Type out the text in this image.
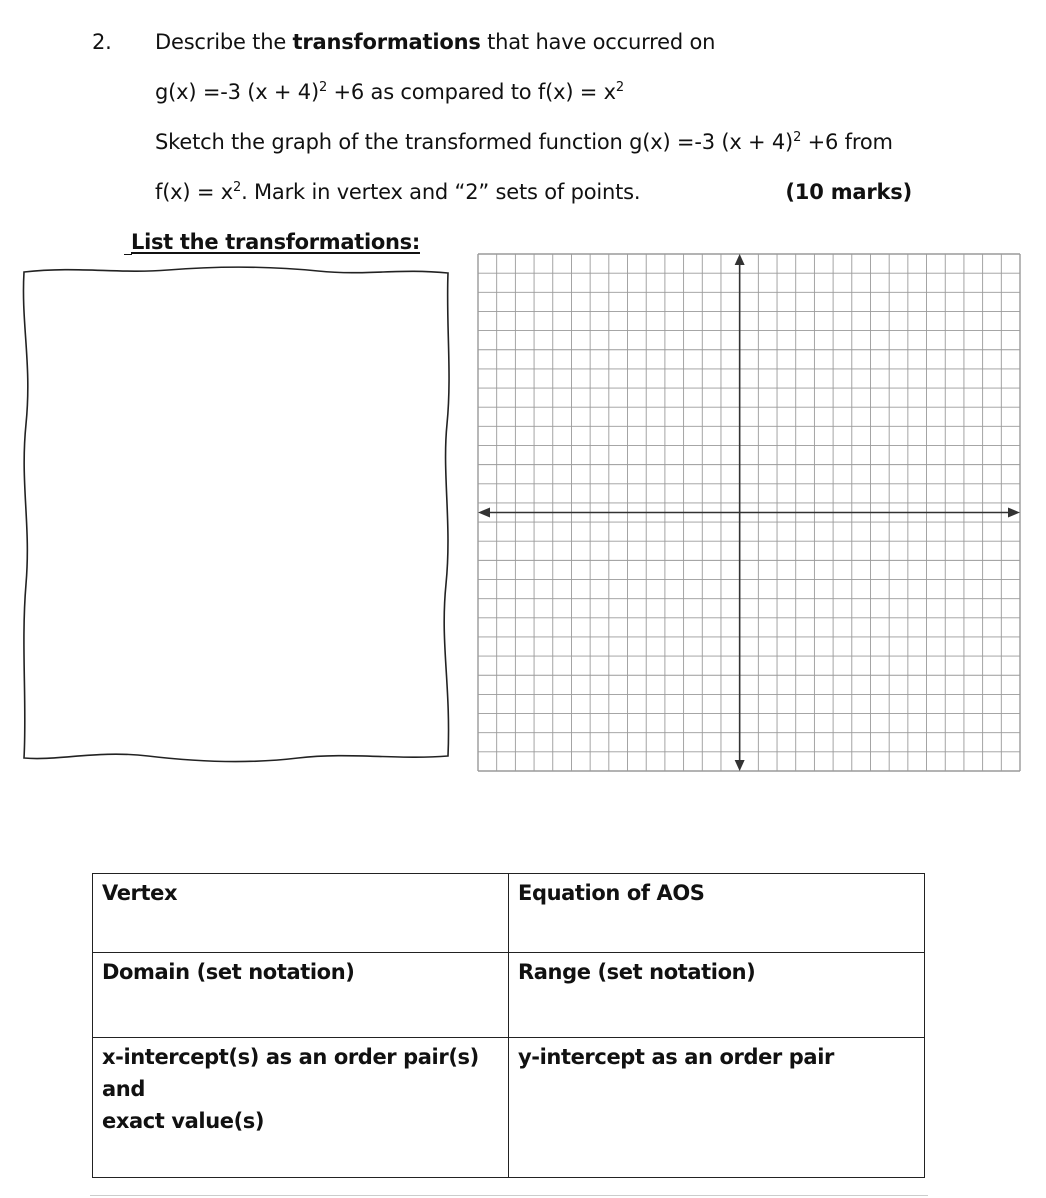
2. Describe the transformations that have occurred on
g(x) =-3 $(x + 4)^2 +6$ as compared to $f(x) = x^2$
Sketch the graph of the transformed function g(x) =-3 $(x + 4)^2 +6$ from
$f(x) = x^2$. Mark in vertex and “2” sets of points.	(10 marks)
List the transformations:
Vertex	Equation of AOS
Domain (set notation)	Range (set notation)
x-intercept(s) as an order pair(s) and
exact value(s)	y-intercept as an order pair
